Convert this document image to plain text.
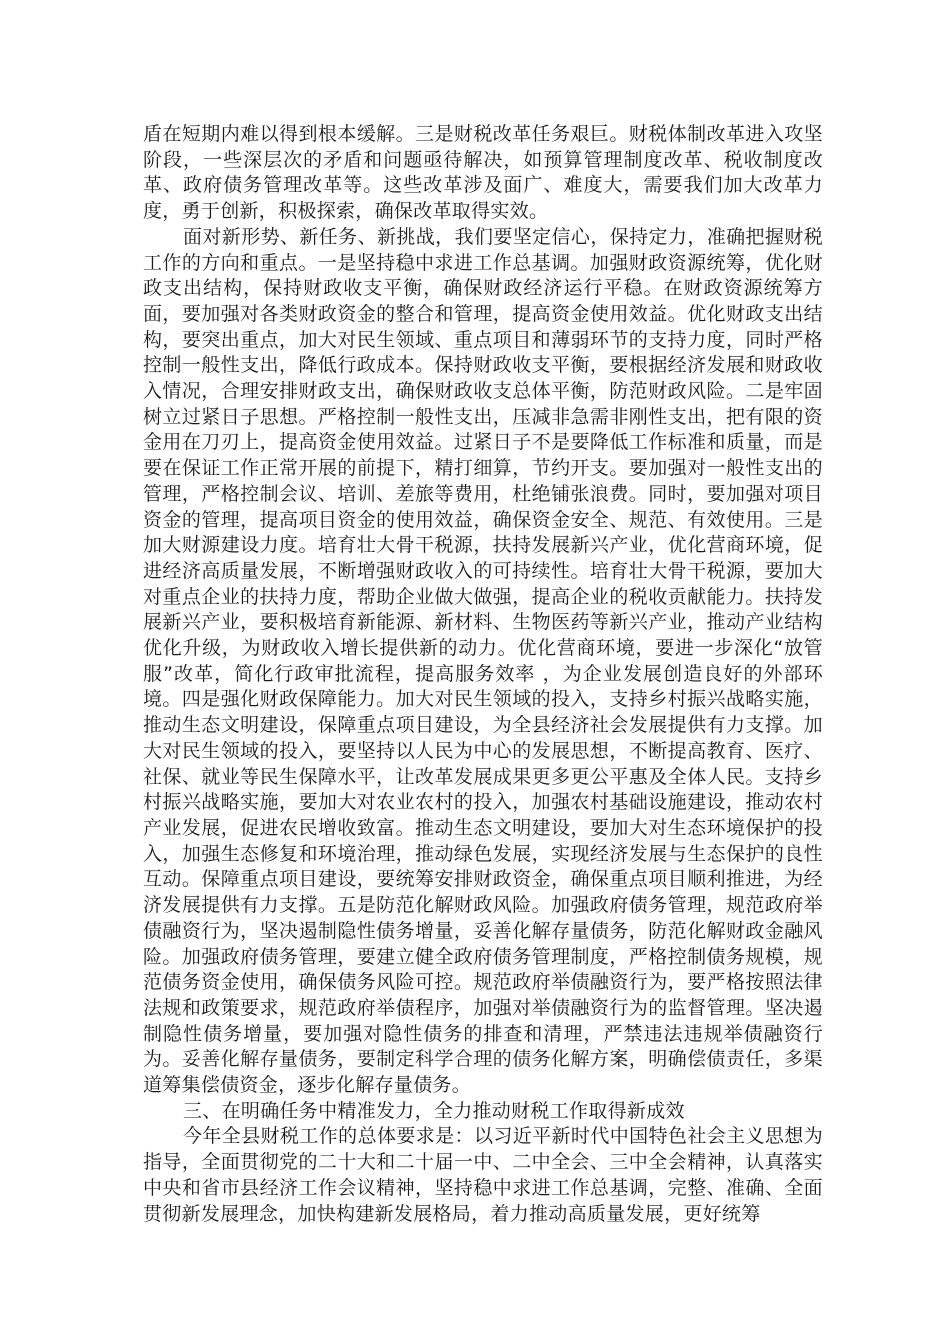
盾在短期内难以得到根本缓解。三是财税改革任务艰巨。财税体制改革进入攻坚阶段，一些深层次的矛盾和问题亟待解决，如预算管理制度改革、税收制度改革、政府债务管理改革等。这些改革涉及面广、难度大，需要我们加大改革力度，勇于创新，积极探索，确保改革取得实效。

面对新形势、新任务、新挑战，我们要坚定信心，保持定力，准确把握财税工作的方向和重点。一是坚持稳中求进工作总基调。加强财政资源统筹，优化财政支出结构，保持财政收支平衡，确保财政经济运行平稳。在财政资源统筹方面，要加强对各类财政资金的整合和管理，提高资金使用效益。优化财政支出结构，要突出重点，加大对民生领域、重点项目和薄弱环节的支持力度，同时严格控制一般性支出，降低行政成本。保持财政收支平衡，要根据经济发展和财政收入情况，合理安排财政支出，确保财政收支总体平衡，防范财政风险。二是牢固树立过紧日子思想。严格控制一般性支出，压减非急需非刚性支出，把有限的资金用在刀刃上，提高资金使用效益。过紧日子不是要降低工作标准和质量，而是要在保证工作正常开展的前提下，精打细算，节约开支。要加强对一般性支出的管理，严格控制会议、培训、差旅等费用，杜绝铺张浪费。同时，要加强对项目资金的管理，提高项目资金的使用效益，确保资金安全、规范、有效使用。三是加大财源建设力度。培育壮大骨干税源，扶持发展新兴产业，优化营商环境，促进经济高质量发展，不断增强财政收入的可持续性。培育壮大骨干税源，要加大对重点企业的扶持力度，帮助企业做大做强，提高企业的税收贡献能力。扶持发展新兴产业，要积极培育新能源、新材料、生物医药等新兴产业，推动产业结构优化升级，为财政收入增长提供新的动力。优化营商环境，要进一步深化“放管服”改革，简化行政审批流程，提高服务效率 ，为企业发展创造良好的外部环境。四是强化财政保障能力。加大对民生领域的投入，支持乡村振兴战略实施，推动生态文明建设，保障重点项目建设，为全县经济社会发展提供有力支撑。加大对民生领域的投入，要坚持以人民为中心的发展思想，不断提高教育、医疗、社保、就业等民生保障水平，让改革发展成果更多更公平惠及全体人民。支持乡村振兴战略实施，要加大对农业农村的投入，加强农村基础设施建设，推动农村产业发展，促进农民增收致富。推动生态文明建设，要加大对生态环境保护的投入，加强生态修复和环境治理，推动绿色发展，实现经济发展与生态保护的良性互动。保障重点项目建设，要统筹安排财政资金，确保重点项目顺利推进，为经济发展提供有力支撑。五是防范化解财政风险。加强政府债务管理，规范政府举债融资行为，坚决遏制隐性债务增量，妥善化解存量债务，防范化解财政金融风险。加强政府债务管理，要建立健全政府债务管理制度，严格控制债务规模，规范债务资金使用，确保债务风险可控。规范政府举债融资行为，要严格按照法律法规和政策要求，规范政府举债程序，加强对举债融资行为的监督管理。坚决遏制隐性债务增量，要加强对隐性债务的排查和清理，严禁违法违规举债融资行为。妥善化解存量债务，要制定科学合理的债务化解方案，明确偿债责任，多渠道筹集偿债资金，逐步化解存量债务。

三、在明确任务中精准发力，全力推动财税工作取得新成效

今年全县财税工作的总体要求是：以习近平新时代中国特色社会主义思想为指导，全面贯彻党的二十大和二十届一中、二中全会、三中全会精神，认真落实中央和省市县经济工作会议精神，坚持稳中求进工作总基调，完整、准确、全面贯彻新发展理念，加快构建新发展格局，着力推动高质量发展，更好统筹
